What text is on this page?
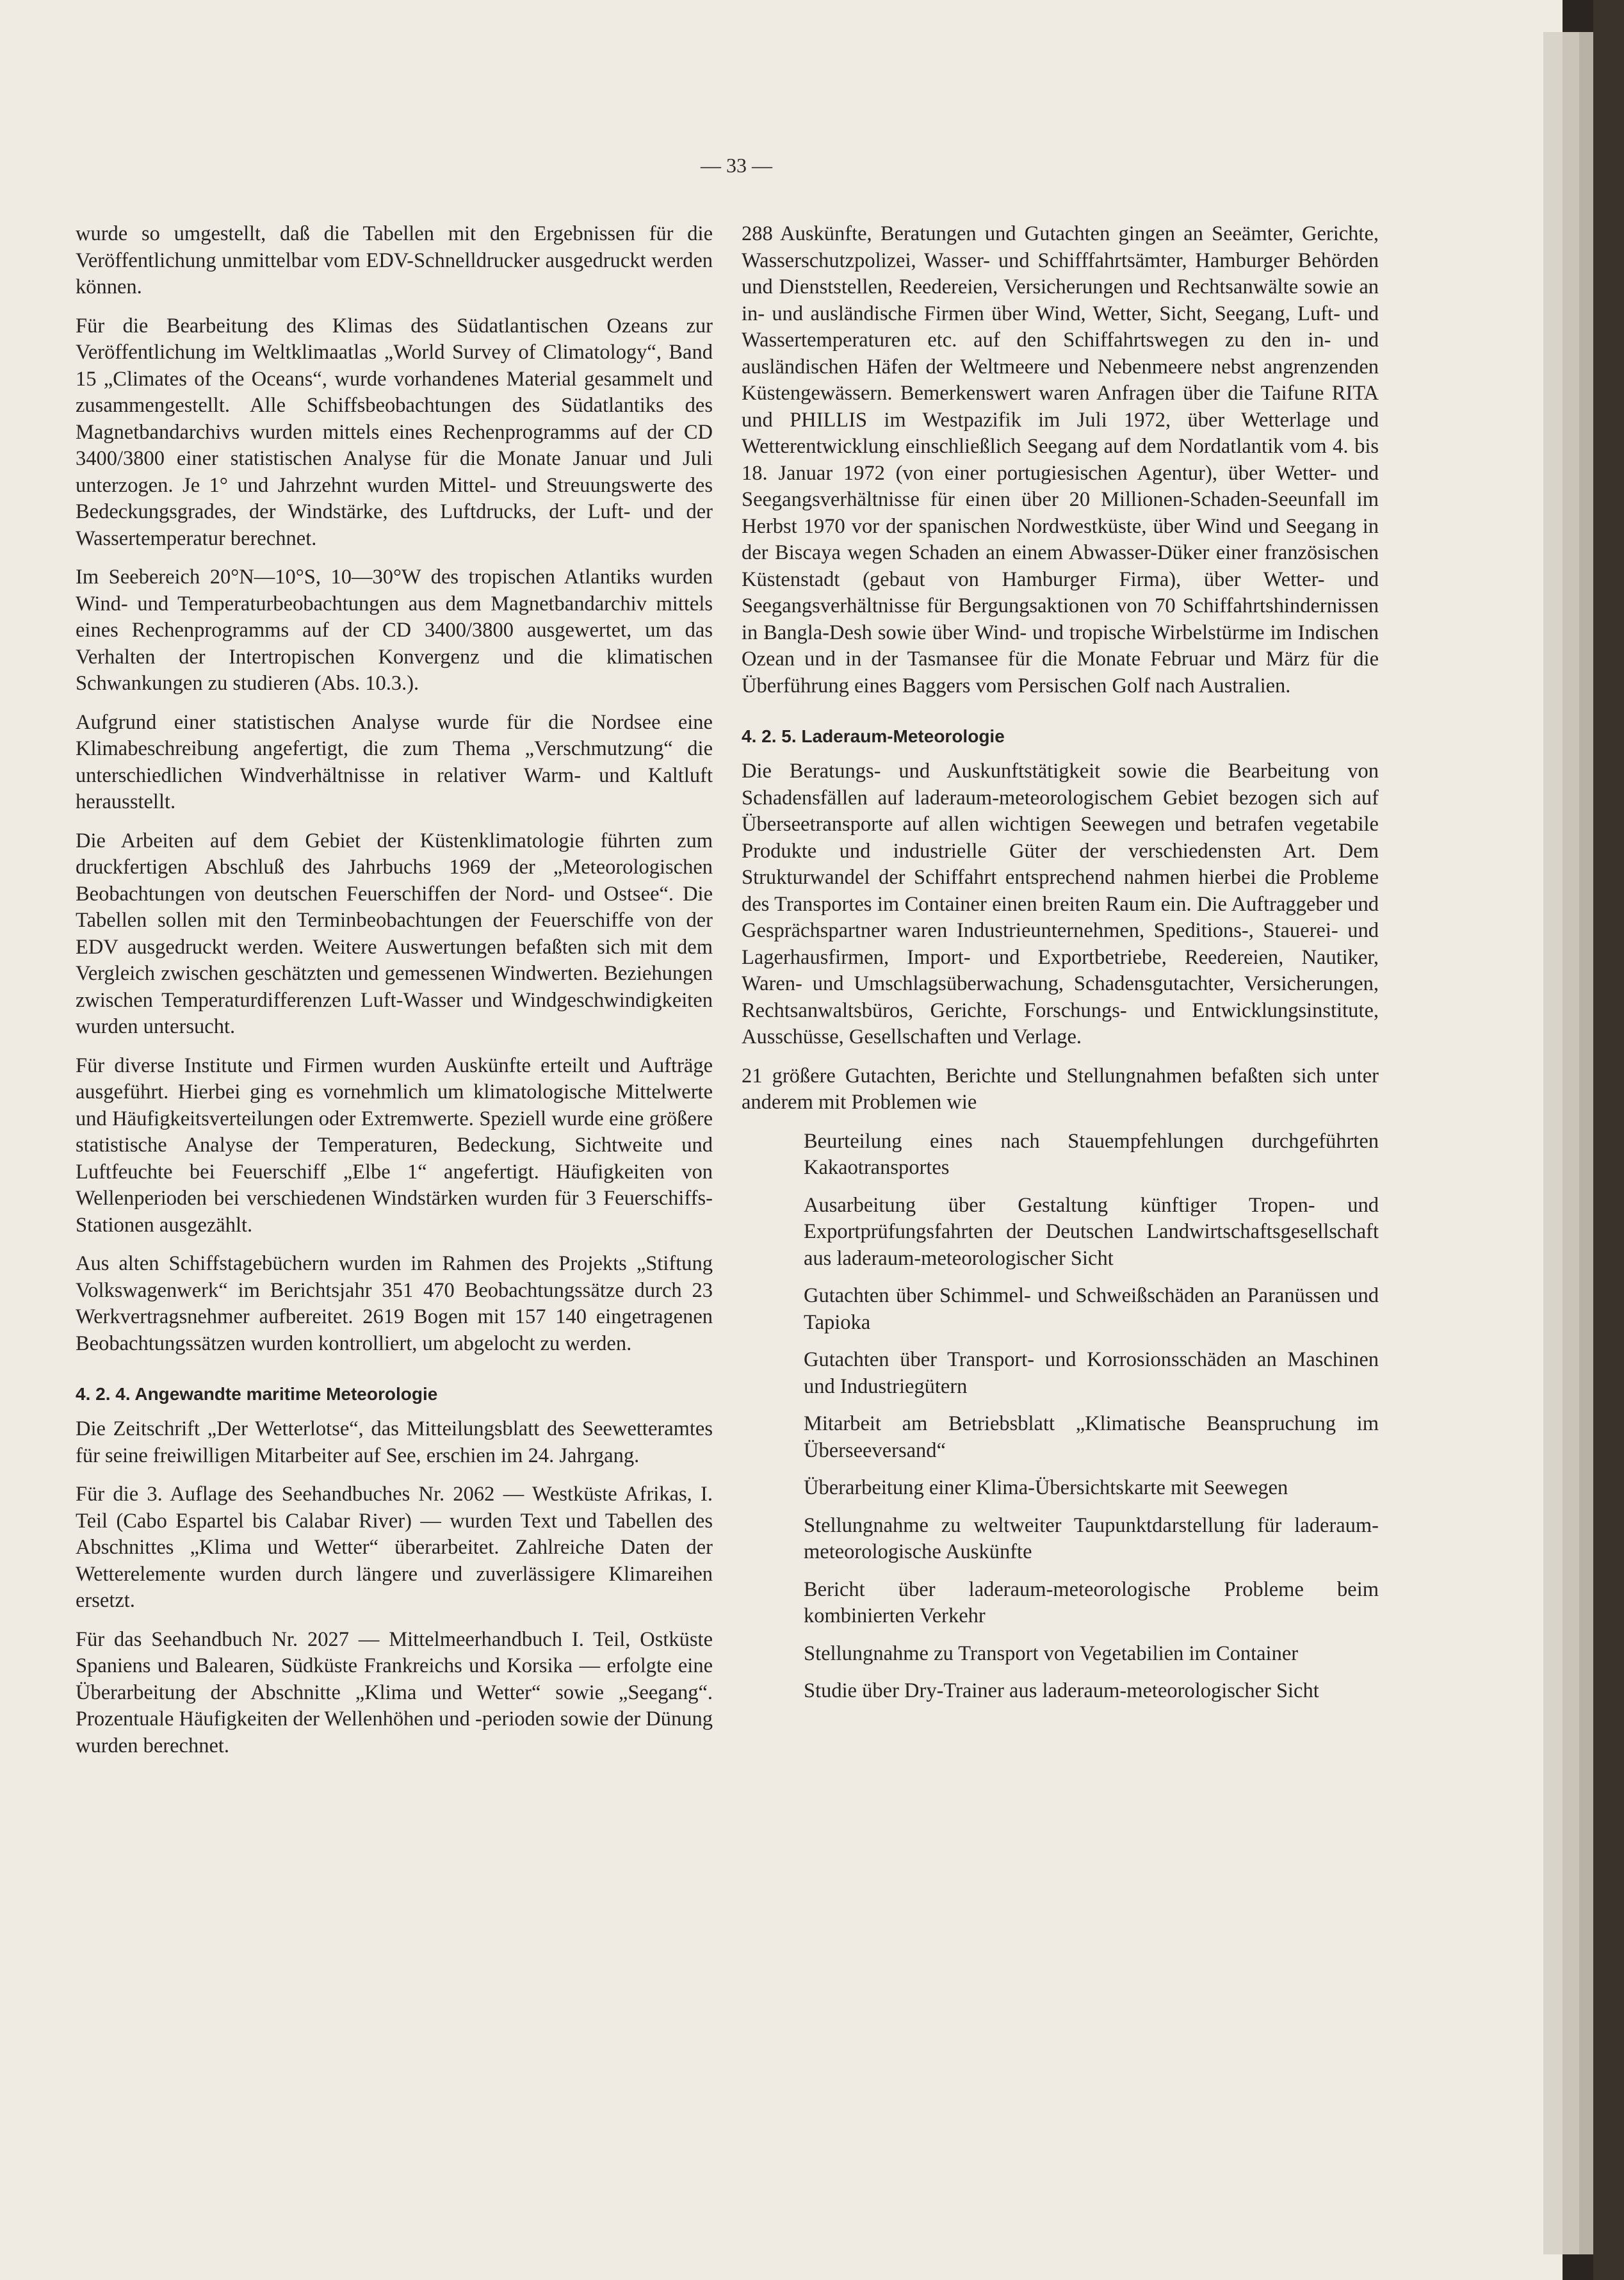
— 33 —

wurde so umgestellt, daß die Tabellen mit den Ergebnissen für die Veröffentlichung unmittelbar vom EDV-Schnelldrucker ausgedruckt werden können.

Für die Bearbeitung des Klimas des Südatlantischen Ozeans zur Veröffentlichung im Weltklimaatlas „World Survey of Climatology“, Band 15 „Climates of the Oceans“, wurde vorhandenes Material gesammelt und zusammengestellt. Alle Schiffsbeobachtungen des Südatlantiks des Magnetbandarchivs wurden mittels eines Rechenprogramms auf der CD 3400/3800 einer statistischen Analyse für die Monate Januar und Juli unterzogen. Je 1° und Jahrzehnt wurden Mittel- und Streuungswerte des Bedeckungsgrades, der Windstärke, des Luftdrucks, der Luft- und der Wassertemperatur berechnet.

Im Seebereich 20°N—10°S, 10—30°W des tropischen Atlantiks wurden Wind- und Temperaturbeobachtungen aus dem Magnetbandarchiv mittels eines Rechenprogramms auf der CD 3400/3800 ausgewertet, um das Verhalten der Intertropischen Konvergenz und die klimatischen Schwankungen zu studieren (Abs. 10.3.).

Aufgrund einer statistischen Analyse wurde für die Nordsee eine Klimabeschreibung angefertigt, die zum Thema „Verschmutzung“ die unterschiedlichen Windverhältnisse in relativer Warm- und Kaltluft herausstellt.

Die Arbeiten auf dem Gebiet der Küstenklimatologie führten zum druckfertigen Abschluß des Jahrbuchs 1969 der „Meteorologischen Beobachtungen von deutschen Feuerschiffen der Nord- und Ostsee“. Die Tabellen sollen mit den Terminbeobachtungen der Feuerschiffe von der EDV ausgedruckt werden. Weitere Auswertungen befaßten sich mit dem Vergleich zwischen geschätzten und gemessenen Windwerten. Beziehungen zwischen Temperaturdifferenzen Luft-Wasser und Windgeschwindigkeiten wurden untersucht.

Für diverse Institute und Firmen wurden Auskünfte erteilt und Aufträge ausgeführt. Hierbei ging es vornehmlich um klimatologische Mittelwerte und Häufigkeitsverteilungen oder Extremwerte. Speziell wurde eine größere statistische Analyse der Temperaturen, Bedeckung, Sichtweite und Luftfeuchte bei Feuerschiff „Elbe 1“ angefertigt. Häufigkeiten von Wellenperioden bei verschiedenen Windstärken wurden für 3 Feuerschiffs-Stationen ausgezählt.

Aus alten Schiffstagebüchern wurden im Rahmen des Projekts „Stiftung Volkswagenwerk“ im Berichtsjahr 351 470 Beobachtungssätze durch 23 Werkvertragsnehmer aufbereitet. 2619 Bogen mit 157 140 eingetragenen Beobachtungssätzen wurden kontrolliert, um abgelocht zu werden.

4. 2. 4. Angewandte maritime Meteorologie

Die Zeitschrift „Der Wetterlotse“, das Mitteilungsblatt des Seewetteramtes für seine freiwilligen Mitarbeiter auf See, erschien im 24. Jahrgang.

Für die 3. Auflage des Seehandbuches Nr. 2062 — Westküste Afrikas, I. Teil (Cabo Espartel bis Calabar River) — wurden Text und Tabellen des Abschnittes „Klima und Wetter“ überarbeitet. Zahlreiche Daten der Wetterelemente wurden durch längere und zuverlässigere Klimareihen ersetzt.

Für das Seehandbuch Nr. 2027 — Mittelmeerhandbuch I. Teil, Ostküste Spaniens und Balearen, Südküste Frankreichs und Korsika — erfolgte eine Überarbeitung der Abschnitte „Klima und Wetter“ sowie „Seegang“. Prozentuale Häufigkeiten der Wellenhöhen und -perioden sowie der Dünung wurden berechnet.

288 Auskünfte, Beratungen und Gutachten gingen an Seeämter, Gerichte, Wasserschutzpolizei, Wasser- und Schifffahrtsämter, Hamburger Behörden und Dienststellen, Reedereien, Versicherungen und Rechtsanwälte sowie an in- und ausländische Firmen über Wind, Wetter, Sicht, Seegang, Luft- und Wassertemperaturen etc. auf den Schiffahrtswegen zu den in- und ausländischen Häfen der Weltmeere und Nebenmeere nebst angrenzenden Küstengewässern. Bemerkenswert waren Anfragen über die Taifune RITA und PHILLIS im Westpazifik im Juli 1972, über Wetterlage und Wetterentwicklung einschließlich Seegang auf dem Nordatlantik vom 4. bis 18. Januar 1972 (von einer portugiesischen Agentur), über Wetter- und Seegangsverhältnisse für einen über 20 Millionen-Schaden-Seeunfall im Herbst 1970 vor der spanischen Nordwestküste, über Wind und Seegang in der Biscaya wegen Schaden an einem Abwasser-Düker einer französischen Küstenstadt (gebaut von Hamburger Firma), über Wetter- und Seegangsverhältnisse für Bergungsaktionen von 70 Schiffahrtshindernissen in Bangla-Desh sowie über Wind- und tropische Wirbelstürme im Indischen Ozean und in der Tasmansee für die Monate Februar und März für die Überführung eines Baggers vom Persischen Golf nach Australien.

4. 2. 5. Laderaum-Meteorologie

Die Beratungs- und Auskunftstätigkeit sowie die Bearbeitung von Schadensfällen auf laderaum-meteorologischem Gebiet bezogen sich auf Überseetransporte auf allen wichtigen Seewegen und betrafen vegetabile Produkte und industrielle Güter der verschiedensten Art. Dem Strukturwandel der Schiffahrt entsprechend nahmen hierbei die Probleme des Transportes im Container einen breiten Raum ein. Die Auftraggeber und Gesprächspartner waren Industrieunternehmen, Speditions-, Stauerei- und Lagerhausfirmen, Import- und Exportbetriebe, Reedereien, Nautiker, Waren- und Umschlagsüberwachung, Schadensgutachter, Versicherungen, Rechtsanwaltsbüros, Gerichte, Forschungs- und Entwicklungsinstitute, Ausschüsse, Gesellschaften und Verlage.

21 größere Gutachten, Berichte und Stellungnahmen befaßten sich unter anderem mit Problemen wie

Beurteilung eines nach Stauempfehlungen durchgeführten Kakaotransportes
Ausarbeitung über Gestaltung künftiger Tropen- und Exportprüfungsfahrten der Deutschen Landwirtschaftsgesellschaft aus laderaum-meteorologischer Sicht
Gutachten über Schimmel- und Schweißschäden an Paranüssen und Tapioka
Gutachten über Transport- und Korrosionsschäden an Maschinen und Industriegütern
Mitarbeit am Betriebsblatt „Klimatische Beanspruchung im Überseeversand“
Überarbeitung einer Klima-Übersichtskarte mit Seewegen
Stellungnahme zu weltweiter Taupunktdarstellung für laderaum-meteorologische Auskünfte
Bericht über laderaum-meteorologische Probleme beim kombinierten Verkehr
Stellungnahme zu Transport von Vegetabilien im Container
Studie über Dry-Trainer aus laderaum-meteorologischer Sicht
